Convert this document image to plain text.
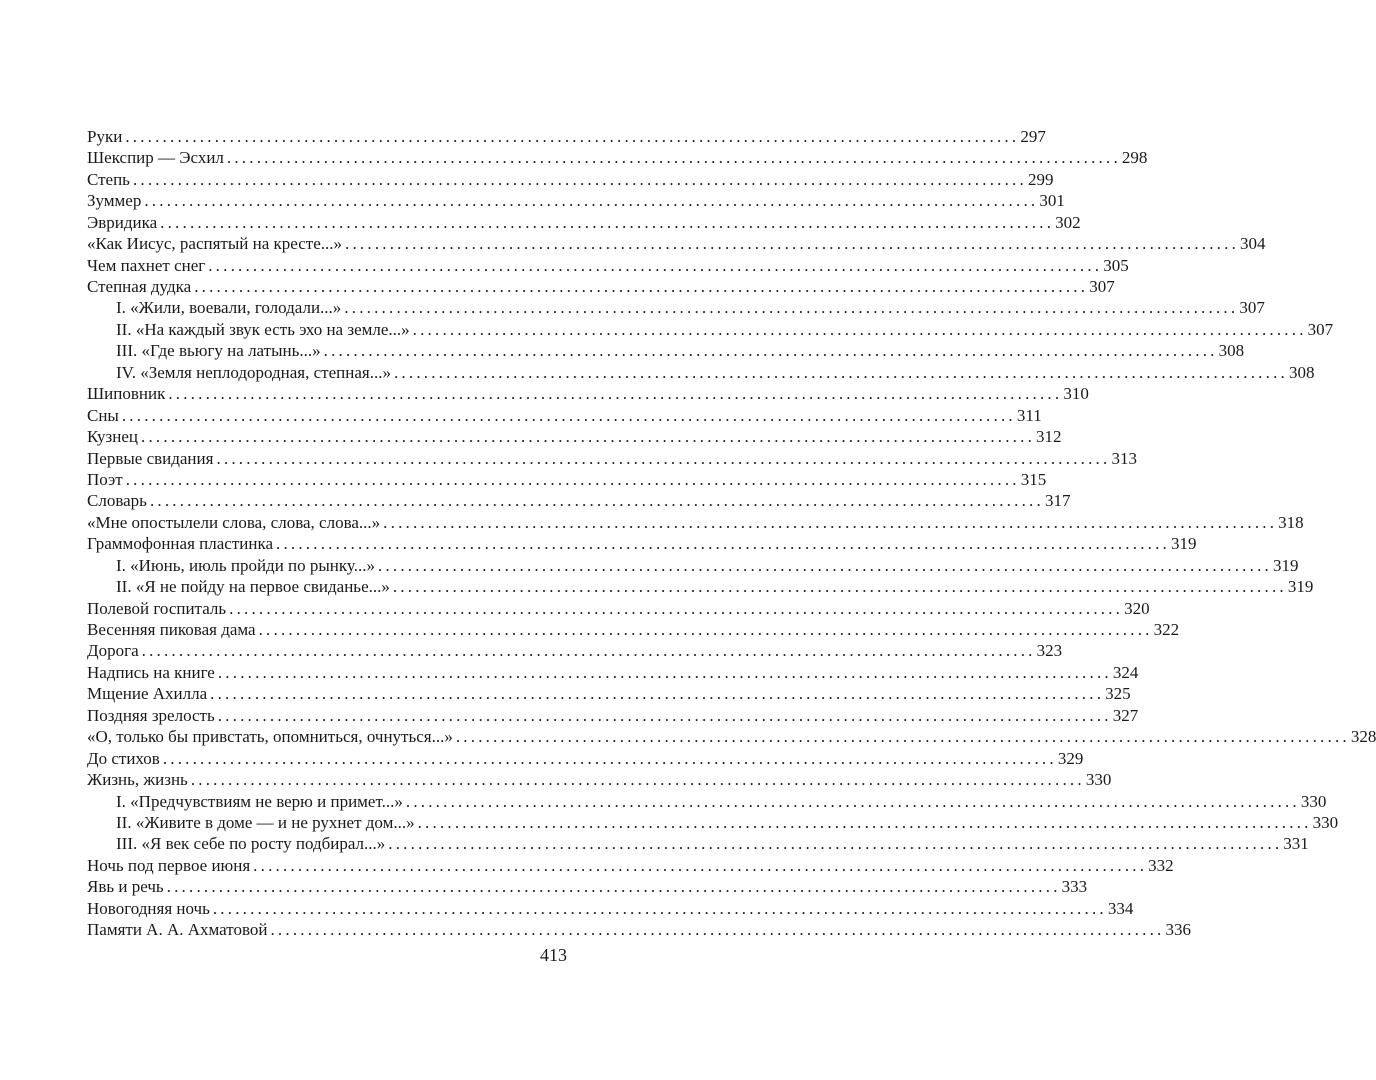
Руки ........................................................................................................................ 297
Шекспир — Эсхил ........................................................................................................................ 298
Степь ........................................................................................................................ 299
Зуммер ........................................................................................................................ 301
Эвридика ........................................................................................................................ 302
«Как Иисус, распятый на кресте...» ........................................................................................................................ 304
Чем пахнет снег ........................................................................................................................ 305
Степная дудка ........................................................................................................................ 307
I. «Жили, воевали, голодали...» ........................................................................................................................ 307
II. «На каждый звук есть эхо на земле...» ........................................................................................................................ 307
III. «Где вьюгу на латынь...» ........................................................................................................................ 308
IV. «Земля неплодородная, степная...» ........................................................................................................................ 308
Шиповник ........................................................................................................................ 310
Сны ........................................................................................................................ 311
Кузнец ........................................................................................................................ 312
Первые свидания ........................................................................................................................ 313
Поэт ........................................................................................................................ 315
Словарь ........................................................................................................................ 317
«Мне опостылели слова, слова, слова...» ........................................................................................................................ 318
Граммофонная пластинка ........................................................................................................................ 319
I. «Июнь, июль пройди по рынку...» ........................................................................................................................ 319
II. «Я не пойду на первое свиданье...» ........................................................................................................................ 319
Полевой госпиталь ........................................................................................................................ 320
Весенняя пиковая дама ........................................................................................................................ 322
Дорога ........................................................................................................................ 323
Надпись на книге ........................................................................................................................ 324
Мщение Ахилла ........................................................................................................................ 325
Поздняя зрелость ........................................................................................................................ 327
«О, только бы привстать, опомниться, очнуться...» ........................................................................................................................ 328
До стихов ........................................................................................................................ 329
Жизнь, жизнь ........................................................................................................................ 330
I. «Предчувствиям не верю и примет...» ........................................................................................................................ 330
II. «Живите в доме — и не рухнет дом...» ........................................................................................................................ 330
III. «Я век себе по росту подбирал...» ........................................................................................................................ 331
Ночь под первое июня ........................................................................................................................ 332
Явь и речь ........................................................................................................................ 333
Новогодняя ночь ........................................................................................................................ 334
Памяти А. А. Ахматовой ........................................................................................................................ 336
413
